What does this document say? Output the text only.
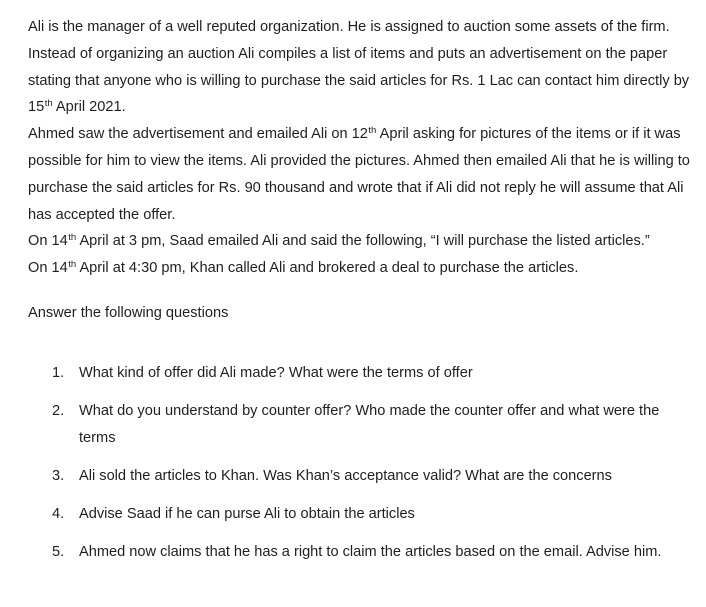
Ali is the manager of a well reputed organization. He is assigned to auction some assets of the firm. Instead of organizing an auction Ali compiles a list of items and puts an advertisement on the paper stating that anyone who is willing to purchase the said articles for Rs. 1 Lac can contact him directly by 15th April 2021.

Ahmed saw the advertisement and emailed Ali on 12th April asking for pictures of the items or if it was possible for him to view the items. Ali provided the pictures. Ahmed then emailed Ali that he is willing to purchase the said articles for Rs. 90 thousand and wrote that if Ali did not reply he will assume that Ali has accepted the offer.

On 14th April at 3 pm, Saad emailed Ali and said the following, “I will purchase the listed articles.”

On 14th April at 4:30 pm, Khan called Ali and brokered a deal to purchase the articles.

Answer the following questions

1.	What kind of offer did Ali made? What were the terms of offer
2.	What do you understand by counter offer? Who made the counter offer and what were the terms
3.	Ali sold the articles to Khan. Was Khan’s acceptance valid? What are the concerns
4.	Advise Saad if he can purse Ali to obtain the articles
5.	Ahmed now claims that he has a right to claim the articles based on the email. Advise him.
